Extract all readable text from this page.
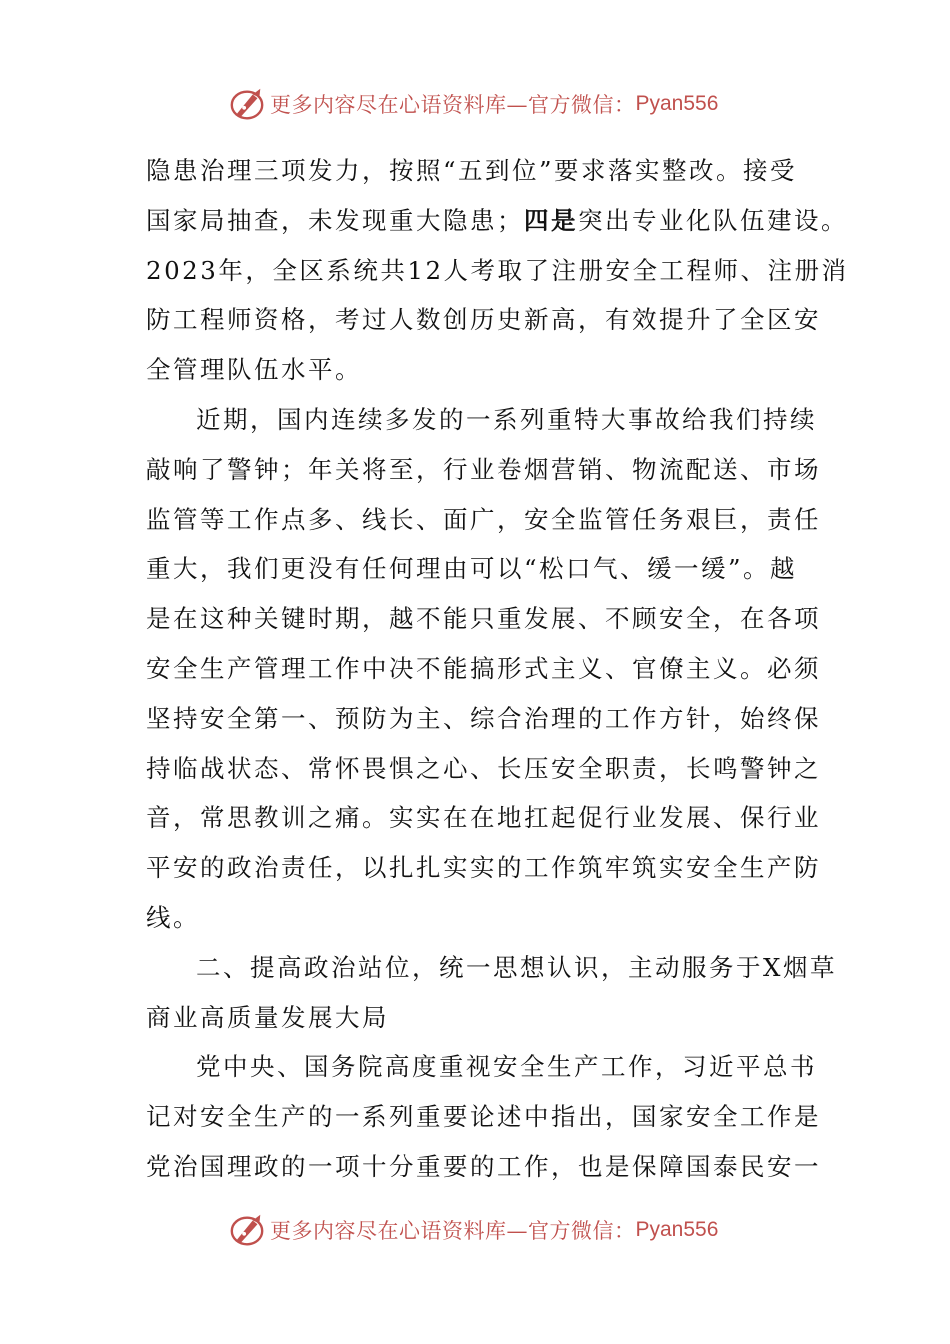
更多内容尽在心语资料库—官方微信： Pyan556
隐患治理三项发力，按照“五到位”要求落实整改。接受
国家局抽查，未发现重大隐患；四是突出专业化队伍建设。
2023年，全区系统共12人考取了注册安全工程师、注册消
防工程师资格，考过人数创历史新高，有效提升了全区安
全管理队伍水平。
近期，国内连续多发的一系列重特大事故给我们持续
敲响了警钟；年关将至，行业卷烟营销、物流配送、市场
监管等工作点多、线长、面广，安全监管任务艰巨，责任
重大，我们更没有任何理由可以“松口气、缓一缓”。越
是在这种关键时期，越不能只重发展、不顾安全，在各项
安全生产管理工作中决不能搞形式主义、官僚主义。必须
坚持安全第一、预防为主、综合治理的工作方针，始终保
持临战状态、常怀畏惧之心、长压安全职责，长鸣警钟之
音，常思教训之痛。实实在在地扛起促行业发展、保行业
平安的政治责任，以扎扎实实的工作筑牢筑实安全生产防
线。
二、提高政治站位，统一思想认识，主动服务于X烟草
商业高质量发展大局
党中央、国务院高度重视安全生产工作，习近平总书
记对安全生产的一系列重要论述中指出，国家安全工作是
党治国理政的一项十分重要的工作，也是保障国泰民安一
更多内容尽在心语资料库—官方微信： Pyan556
